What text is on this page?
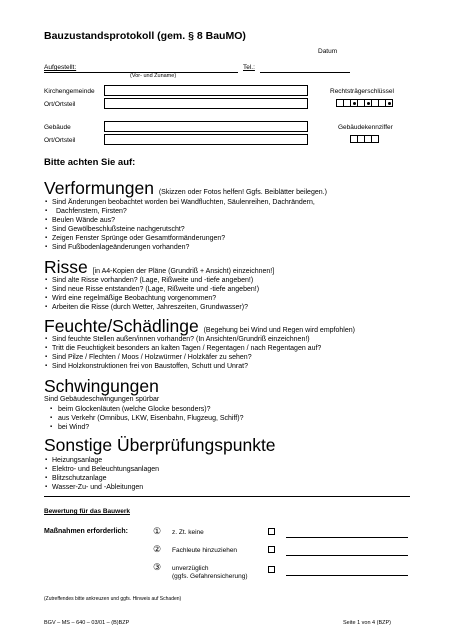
Bauzustandsprotokoll (gem. § 8 BauMO)
Datum
Aufgestellt:	Tel.:
(Vor- und Zuname)
Kirchengemeinde	Rechtsträgerschlüssel
Ort/Ortsteil
Gebäude	Gebäudekennziffer
Ort/Ortsteil
Bitte achten Sie auf:
Verformungen (Skizzen oder Fotos helfen! Ggfs. Beiblätter beilegen.)
▪ Sind Änderungen beobachtet worden bei Wandfluchten, Säulenreihen, Dachrändern,
▪ Dachfenstern, Firsten?
▪ Beulen Wände aus?
▪ Sind Gewölbeschlußsteine nachgerutscht?
▪ Zeigen Fenster Sprünge oder Gesamtformänderungen?
▪ Sind Fußbodenlageänderungen vorhanden?
Risse [in A4-Kopien der Pläne (Grundriß + Ansicht) einzeichnen!]
▪ Sind alte Risse vorhanden? (Lage, Rißweite und -tiefe angeben!)
▪ Sind neue Risse entstanden? (Lage, Rißweite und -tiefe angeben!)
▪ Wird eine regelmäßige Beobachtung vorgenommen?
▪ Arbeiten die Risse (durch Wetter, Jahreszeiten, Grundwasser)?
Feuchte/Schädlinge (Begehung bei Wind und Regen wird empfohlen)
▪ Sind feuchte Stellen außen/innen vorhanden? (In Ansichten/Grundriß einzeichnen!)
▪ Tritt die Feuchtigkeit besonders an kalten Tagen / Regentagen / nach Regentagen auf?
▪ Sind Pilze / Flechten / Moos / Holzwürmer / Holzkäfer zu sehen?
▪ Sind Holzkonstruktionen frei von Baustoffen, Schutt und Unrat?
Schwingungen
Sind Gebäudeschwingungen spürbar
▪ beim Glockenläuten (welche Glocke besonders)?
▪ aus Verkehr (Omnibus, LKW, Eisenbahn, Flugzeug, Schiff)?
▪ bei Wind?
Sonstige Überprüfungspunkte
▪ Heizungsanlage
▪ Elektro- und Beleuchtungsanlagen
▪ Blitzschutzanlage
▪ Wasser-Zu- und -Ableitungen
Bewertung für das Bauwerk
Maßnahmen erforderlich:	① z. Zt. keine
② Fachleute hinzuziehen
③ unverzüglich
(ggfs. Gefahrensicherung)
(Zutreffendes bitte ankreuzen und ggfs. Hinweis auf Schaden)
BGV – MS – 640 – 03/01 – (B)BZP	Seite 1 von 4 (BZP)
